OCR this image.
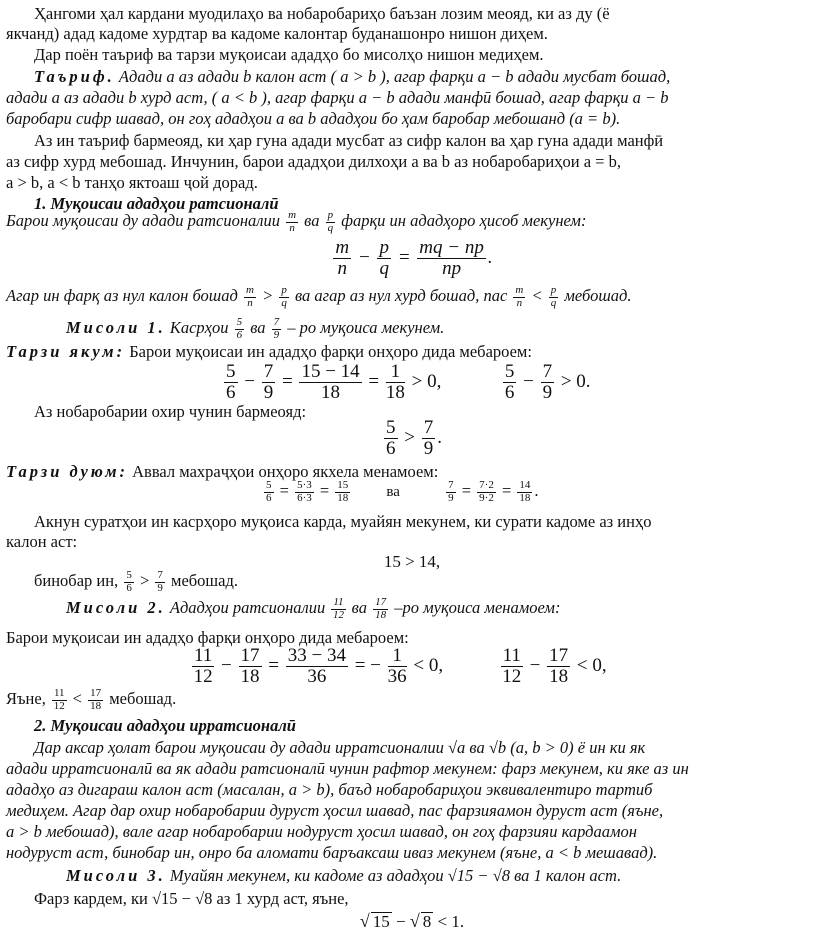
Ҳангоми ҳал кардани муодилаҳо ва нобаробариҳо баъзан лозим меояд, ки аз ду (ё
якчанд) адад кадоме хурдтар ва кадоме калонтар буданашонро нишон диҳем.
Дар поён таъриф ва тарзи муқоисаи ададҳо бо мисолҳо нишон медиҳем.
Таъриф. Адади a аз адади b калон аст ( a > b ), агар фарқи a − b адади мусбат бошад,
адади a аз адади b хурд аст, ( a < b ), агар фарқи a − b адади манфӣ бошад, агар фарқи a − b
баробари сифр шавад, он гоҳ ададҳои a ва b ададҳои бо ҳам баробар мебошанд (a = b).
Аз ин таъриф бармеояд, ки ҳар гуна адади мусбат аз сифр калон ва ҳар гуна адади манфӣ
аз сифр хурд мебошад. Инчунин, барои ададҳои дилхоҳи a ва b аз нобаробариҳои a = b,
a > b, a < b танҳо яктоаш ҷой дорад.
1. Муқоисаи ададҳои ратсионалӣ
Барои муқоисаи ду адади ратсионалии $\frac{m}{n}$ ва $\frac{p}{q}$ фарқи ин ададҳоро ҳисоб мекунем:
$\frac{m}{n} - \frac{p}{q} = \frac{mq - np}{np}$ .
Агар ин фарқ аз нул калон бошад $\frac{m}{n} > \frac{p}{q}$ ва агар аз нул хурд бошад, пас $\frac{m}{n} < \frac{p}{q}$ мебошад.
Мисоли 1. Касрҳои $\frac{5}{6}$ ва $\frac{7}{9}$ – ро муқоиса мекунем.
Тарзи якум: Барои муқоисаи ин ададҳо фарқи онҳоро дида мебароем:
$\frac{5}{6} - \frac{7}{9} = \frac{15 - 14}{18} = \frac{1}{18} > 0$,	$\frac{5}{6} - \frac{7}{9} > 0$.
Аз нобаробарии охир чунин бармеояд:
$\frac{5}{6} > \frac{7}{9}$ .
Тарзи дуюм: Аввал махраҷҳои онҳоро якхела менамоем:
$\frac{5}{6} = \frac{5\cdot 3}{6\cdot 3} = \frac{15}{18}$ ва	$\frac{7}{9} = \frac{7\cdot 2}{9\cdot 2} = \frac{14}{18}$ .
Акнун суратҳои ин касрҳоро муқоиса карда, муайян мекунем, ки сурати кадоме аз инҳо
калон аст:
15 > 14,
бинобар ин, $\frac{5}{6} > \frac{7}{9}$ мебошад.
Мисоли 2. Ададҳои ратсионалии $\frac{11}{12}$ ва $\frac{17}{18} -ро$ муқоиса менамоем:
Барои муқоисаи ин ададҳо фарқи онҳоро дида мебароем:
$\frac{11}{12} - \frac{17}{18} = \frac{33 - 34}{36}$ = − $\frac{1}{36} < 0$,	$\frac{11}{12} - \frac{17}{18} < 0$,
Яъне, $\frac{11}{12} < \frac{17}{18}$ мебошад.
2. Муқоисаи ададҳои ирратсионалӣ
Дар аксар ҳолат барои муқоисаи ду адади ирратсионалии √a ва √b (a, b > 0) ё ин ки як
адади ирратсионалӣ ва як адади ратсионалӣ чунин рафтор мекунем: фарз мекунем, ки яке аз ин
ададҳо аз дигараш калон аст (масалан, a > b), баъд нобаробариҳои эквивалентиро тартиб
медиҳем. Агар дар охир нобаробарии дуруст ҳосил шавад, пас фарзияамон дуруст аст (яъне,
a > b мебошад), вале агар нобаробарии нодуруст ҳосил шавад, он гоҳ фарзияи кардаамон
нодуруст аст, бинобар ин, онро ба аломати баръаксаш иваз мекунем (яъне, a < b мешавад).
Мисоли 3. Муайян мекунем, ки кадоме аз ададҳои √15 − √8 ва 1 калон аст.
Фарз кардем, ки √15 − √8 аз 1 хурд аст, яъне,
√ 15 − √ 8 < 1.
